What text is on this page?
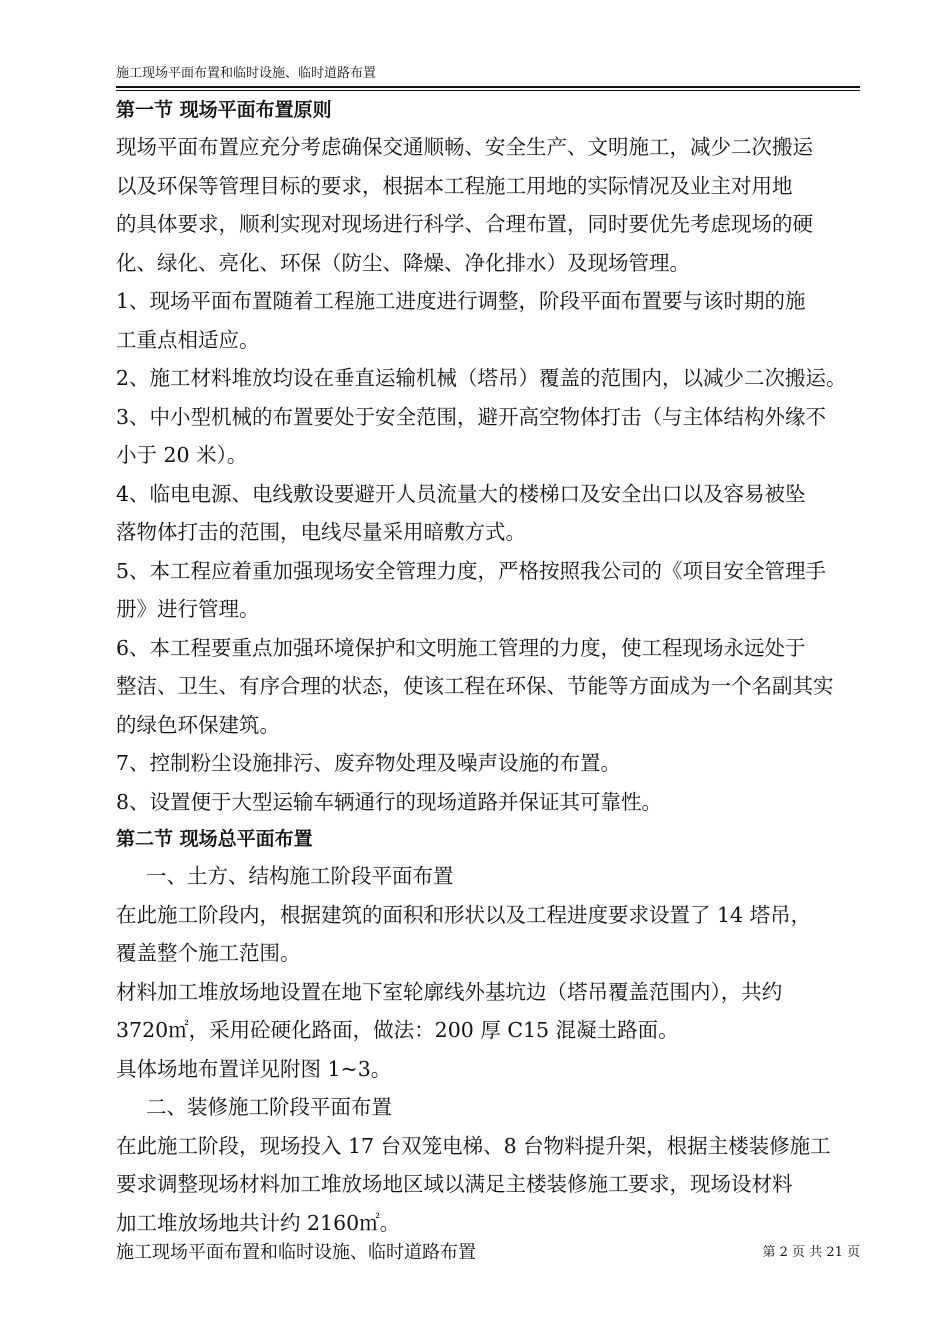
施工现场平面布置和临时设施、临时道路布置
第一节 现场平面布置原则
现场平面布置应充分考虑确保交通顺畅、安全生产、文明施工，减少二次搬运
以及环保等管理目标的要求，根据本工程施工用地的实际情况及业主对用地
的具体要求，顺利实现对现场进行科学、合理布置，同时要优先考虑现场的硬
化、绿化、亮化、环保（防尘、降燥、净化排水）及现场管理。
1、现场平面布置随着工程施工进度进行调整，阶段平面布置要与该时期的施
工重点相适应。
2、施工材料堆放均设在垂直运输机械（塔吊）覆盖的范围内，以减少二次搬运。
3、中小型机械的布置要处于安全范围，避开高空物体打击（与主体结构外缘不
小于 20 米）。
4、临电电源、电线敷设要避开人员流量大的楼梯口及安全出口以及容易被坠
落物体打击的范围，电线尽量采用暗敷方式。
5、本工程应着重加强现场安全管理力度，严格按照我公司的《项目安全管理手
册》进行管理。
6、本工程要重点加强环境保护和文明施工管理的力度，使工程现场永远处于
整洁、卫生、有序合理的状态，使该工程在环保、节能等方面成为一个名副其实
的绿色环保建筑。
7、控制粉尘设施排污、废弃物处理及噪声设施的布置。
8、设置便于大型运输车辆通行的现场道路并保证其可靠性。
第二节 现场总平面布置
一、土方、结构施工阶段平面布置
在此施工阶段内，根据建筑的面积和形状以及工程进度要求设置了 14 塔吊，
覆盖整个施工范围。
材料加工堆放场地设置在地下室轮廓线外基坑边（塔吊覆盖范围内），共约
3720㎡，采用砼硬化路面，做法：200 厚 C15 混凝土路面。
具体场地布置详见附图 1~3。
二、装修施工阶段平面布置
在此施工阶段，现场投入 17 台双笼电梯、8 台物料提升架，根据主楼装修施工
要求调整现场材料加工堆放场地区域以满足主楼装修施工要求，现场设材料
加工堆放场地共计约 2160㎡。
施工现场平面布置和临时设施、临时道路布置	第 2 页 共 21 页
